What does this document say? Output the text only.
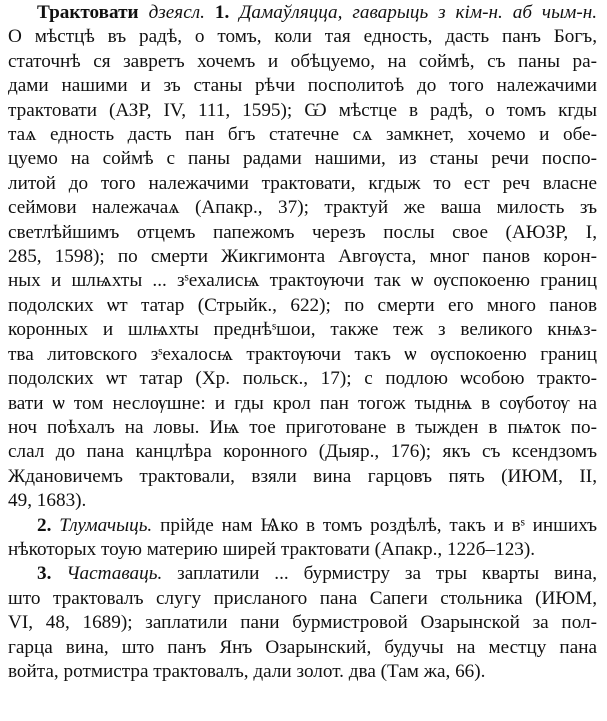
Трактовати дзеясл. 1. Дамаўляцца, гаварыць з кім-н. аб чым-н.
О мѣстцѣ въ радѣ, о томъ, коли тая едность, дасть панъ Богъ,
статочнѣ ся завретъ хочемъ и обѣцуемо, на соймѣ, съ паны ра-
дами нашими и зъ станы рѣчи посполитоѣ до того належачими
трактовати (АЗР, IV, 111, 1595); Ѡ мѣстце в радѣ, о томъ кгды
таѧ едность дасть пан бгъ статечне сѧ замкнет, хочемо и обе-
цуемо на соймѣ с паны радами нашими, из станы речи поспо-
литой до того належачими трактовати, кгдыж то ест реч власне
сеймови належачаѧ (Апакр., 37); трактуй же ваша милость зъ
светлѣйшимъ отцемъ папежомъ черезъ послы свое (АЮЗР, І,
285, 1598); по смерти Жикгимонта Авгѹста, мног панов корон-
ных и шлѩхты ... зˢехалисѩ трактѹючи так ѡ ѹспокоеню границ
подолских ѡт татар (Стрыйк., 622); по смерти его много панов
коронных и шлѩхты преднѣˢшои, также теж з великого кнѩз-
тва литовского зˢехалосѩ трактѹючи такъ ѡ ѹспокоеню границ
подолских ѡт татар (Хр. польск., 17); с подлою ѡсобою тракто-
вати ѡ том неслѹшне: и гды крол пан тогож тыднѩ в сѹботѹ на
ноч поѣхалъ на ловы. Иѩ тое приготоване в тыжден в пѩток по-
слал до пана канцлѣра коронного (Дыяр., 176); якъ съ ксендзомъ
Ждановичемъ трактовали, взяли вина гарцовъ пять (ИЮМ, II,
49, 1683).
2. Тлумачыць. прійде нам Ѩко в томъ роздѣлѣ, такъ и вˢ иншихъ
нѣкоторых тоую материю ширей трактовати (Апакр., 122б–123).
3. Частаваць. заплатили ... бурмистру за тры кварты вина,
што трактовалъ слугу присланого пана Сапеги стольника (ИЮМ,
VI, 48, 1689); заплатили пани бурмистровой Озарынской за пол-
гарца вина, што панъ Янъ Озарынский, будучы на местцу пана
войта, ротмистра трактовалъ, дали золот. два (Там жа, 66).
